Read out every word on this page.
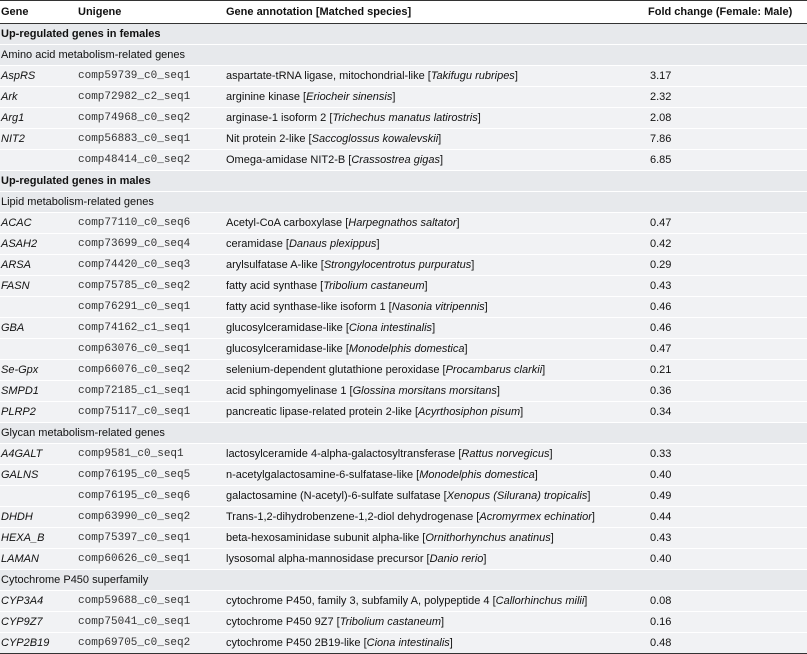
Gene	Unigene	Gene annotation [Matched species]	Fold change (Female: Male)
Up-regulated genes in females			
Amino acid metabolism-related genes			
AspRS	comp59739_c0_seq1	aspartate-tRNA ligase, mitochondrial-like [Takifugu rubripes]	3.17
Ark	comp72982_c2_seq1	arginine kinase [Eriocheir sinensis]	2.32
Arg1	comp74968_c0_seq2	arginase-1 isoform 2 [Trichechus manatus latirostris]	2.08
NIT2	comp56883_c0_seq1	Nit protein 2-like [Saccoglossus kowalevskii]	7.86
	comp48414_c0_seq2	Omega-amidase NIT2-B [Crassostrea gigas]	6.85
Up-regulated genes in males			
Lipid metabolism-related genes			
ACAC	comp77110_c0_seq6	Acetyl-CoA carboxylase [Harpegnathos saltator]	0.47
ASAH2	comp73699_c0_seq4	ceramidase [Danaus plexippus]	0.42
ARSA	comp74420_c0_seq3	arylsulfatase A-like [Strongylocentrotus purpuratus]	0.29
FASN	comp75785_c0_seq2	fatty acid synthase [Tribolium castaneum]	0.43
	comp76291_c0_seq1	fatty acid synthase-like isoform 1 [Nasonia vitripennis]	0.46
GBA	comp74162_c1_seq1	glucosylceramidase-like [Ciona intestinalis]	0.46
	comp63076_c0_seq1	glucosylceramidase-like [Monodelphis domestica]	0.47
Se-Gpx	comp66076_c0_seq2	selenium-dependent glutathione peroxidase [Procambarus clarkii]	0.21
SMPD1	comp72185_c1_seq1	acid sphingomyelinase 1 [Glossina morsitans morsitans]	0.36
PLRP2	comp75117_c0_seq1	pancreatic lipase-related protein 2-like [Acyrthosiphon pisum]	0.34
Glycan metabolism-related genes			
A4GALT	comp9581_c0_seq1	lactosylceramide 4-alpha-galactosyltransferase [Rattus norvegicus]	0.33
GALNS	comp76195_c0_seq5	n-acetylgalactosamine-6-sulfatase-like [Monodelphis domestica]	0.40
	comp76195_c0_seq6	galactosamine (N-acetyl)-6-sulfate sulfatase [Xenopus (Silurana) tropicalis]	0.49
DHDH	comp63990_c0_seq2	Trans-1,2-dihydrobenzene-1,2-diol dehydrogenase [Acromyrmex echinatior]	0.44
HEXA_B	comp75397_c0_seq1	beta-hexosaminidase subunit alpha-like [Ornithorhynchus anatinus]	0.43
LAMAN	comp60626_c0_seq1	lysosomal alpha-mannosidase precursor [Danio rerio]	0.40
Cytochrome P450 superfamily			
CYP3A4	comp59688_c0_seq1	cytochrome P450, family 3, subfamily A, polypeptide 4 [Callorhinchus milii]	0.08
CYP9Z7	comp75041_c0_seq1	cytochrome P450 9Z7 [Tribolium castaneum]	0.16
CYP2B19	comp69705_c0_seq2	cytochrome P450 2B19-like [Ciona intestinalis]	0.48
